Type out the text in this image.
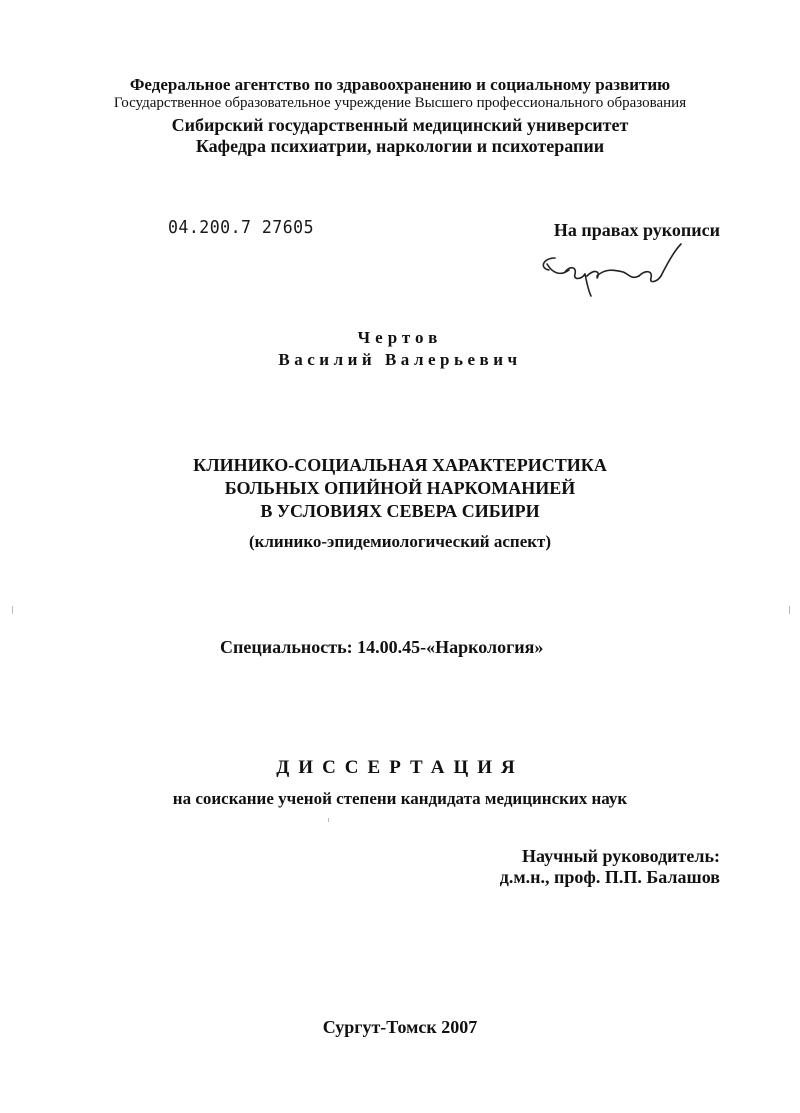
Федеральное агентство по здравоохранению и социальному развитию
Государственное образовательное учреждение Высшего профессионального образования
Сибирский государственный медицинский университет
Кафедра психиатрии, наркологии и психотерапии
04.200.7 27605	На правах рукописи
Чертов
Василий Валерьевич
КЛИНИКО-СОЦИАЛЬНАЯ ХАРАКТЕРИСТИКА
БОЛЬНЫХ ОПИЙНОЙ НАРКОМАНИЕЙ
В УСЛОВИЯХ СЕВЕРА СИБИРИ
(клинико-эпидемиологический аспект)
Специальность: 14.00.45-«Наркология»
ДИССЕРТАЦИЯ
на соискание ученой степени кандидата медицинских наук
Научный руководитель:
д.м.н., проф. П.П. Балашов
Сургут-Томск 2007
